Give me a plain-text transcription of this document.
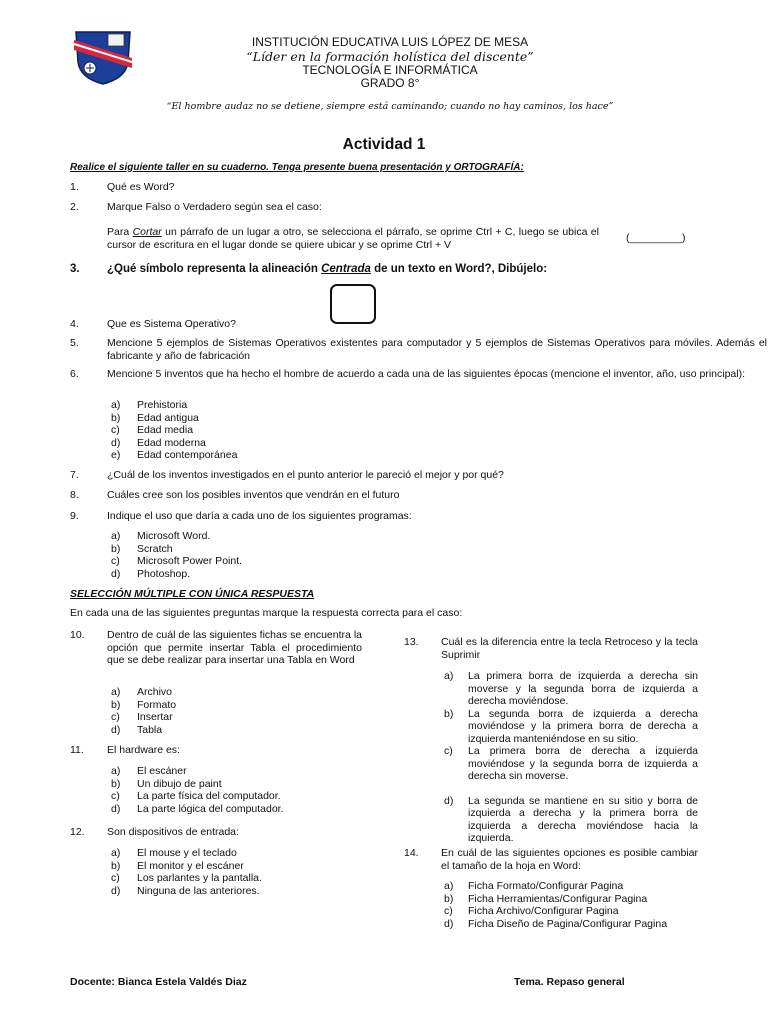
INSTITUCIÓN EDUCATIVA LUIS LÓPEZ DE MESA
“Líder en la formación holística del discente”
TECNOLOGÍA E INFORMÁTICA
GRADO 8°
“El hombre audaz no se detiene, siempre está caminando; cuando no hay caminos, los hace”
Actividad 1
Realice el siguiente taller en su cuaderno. Tenga presente buena presentación y ORTOGRAFÍA:
1.	Qué es Word?
2.	Marque Falso o Verdadero según sea el caso:
Para Cortar un párrafo de un lugar a otro, se selecciona el párrafo, se oprime Ctrl + C, luego se ubica el cursor de escritura en el lugar donde se quiere ubicar y se oprime Ctrl + V
(_________)
3. ¿Qué símbolo representa la alineación Centrada de un texto en Word?, Dibújelo:
4.	Que es Sistema Operativo?
5.	Mencione 5 ejemplos de Sistemas Operativos existentes para computador y 5 ejemplos de Sistemas Operativos para móviles. Además el fabricante y año de fabricación
6.	Mencione 5 inventos que ha hecho el hombre de acuerdo a cada una de las siguientes épocas (mencione el inventor, año, uso principal):
a) Prehistoria
b) Edad antigua
c) Edad media
d) Edad moderna
e) Edad contemporánea
7.	¿Cuál de los inventos investigados en el punto anterior le pareció el mejor y por qué?
8.	Cuáles cree son los posibles inventos que vendrán en el futuro
9.	Indique el uso que daría a cada uno de los siguientes programas:
a) Microsoft Word.
b) Scratch
c) Microsoft Power Point.
d) Photoshop.
SELECCIÓN MÚLTIPLE CON ÚNICA RESPUESTA
En cada una de las siguientes preguntas marque la respuesta correcta para el caso:
10. Dentro de cuál de las siguientes fichas se encuentra la opción que permite insertar Tabla el procedimiento que se debe realizar para insertar una Tabla en Word
a) Archivo
b) Formato
c) Insertar
d) Tabla
11. El hardware es:
a) El escáner
b) Un dibujo de paint
c) La parte física del computador.
d) La parte lógica del computador.
12. Son dispositivos de entrada:
a) El mouse y el teclado
b) El monitor y el escáner
c) Los parlantes y la pantalla.
d) Ninguna de las anteriores.
13. Cuál es la diferencia entre la tecla Retroceso y la tecla Suprimir
a)	La primera borra de izquierda a derecha sin moverse y la segunda borra de izquierda a derecha moviéndose.
b)	La segunda borra de izquierda a derecha moviéndose y la primera borra de derecha a izquierda manteniéndose en su sitio.
c)	La primera borra de derecha a izquierda moviéndose y la segunda borra de izquierda a derecha sin moverse.
d)	La segunda se mantiene en su sitio y borra de izquierda a derecha y la primera borra de izquierda a derecha moviéndose hacia la izquierda.
14. En cuál de las siguientes opciones es posible cambiar el tamaño de la hoja en Word:
a) Ficha Formato/Configurar Pagina
b) Ficha Herramientas/Configurar Pagina
c) Ficha Archivo/Configurar Pagina
d) Ficha Diseño de Pagina/Configurar Pagina
Docente: Bianca Estela Valdés Diaz	Tema. Repaso general
